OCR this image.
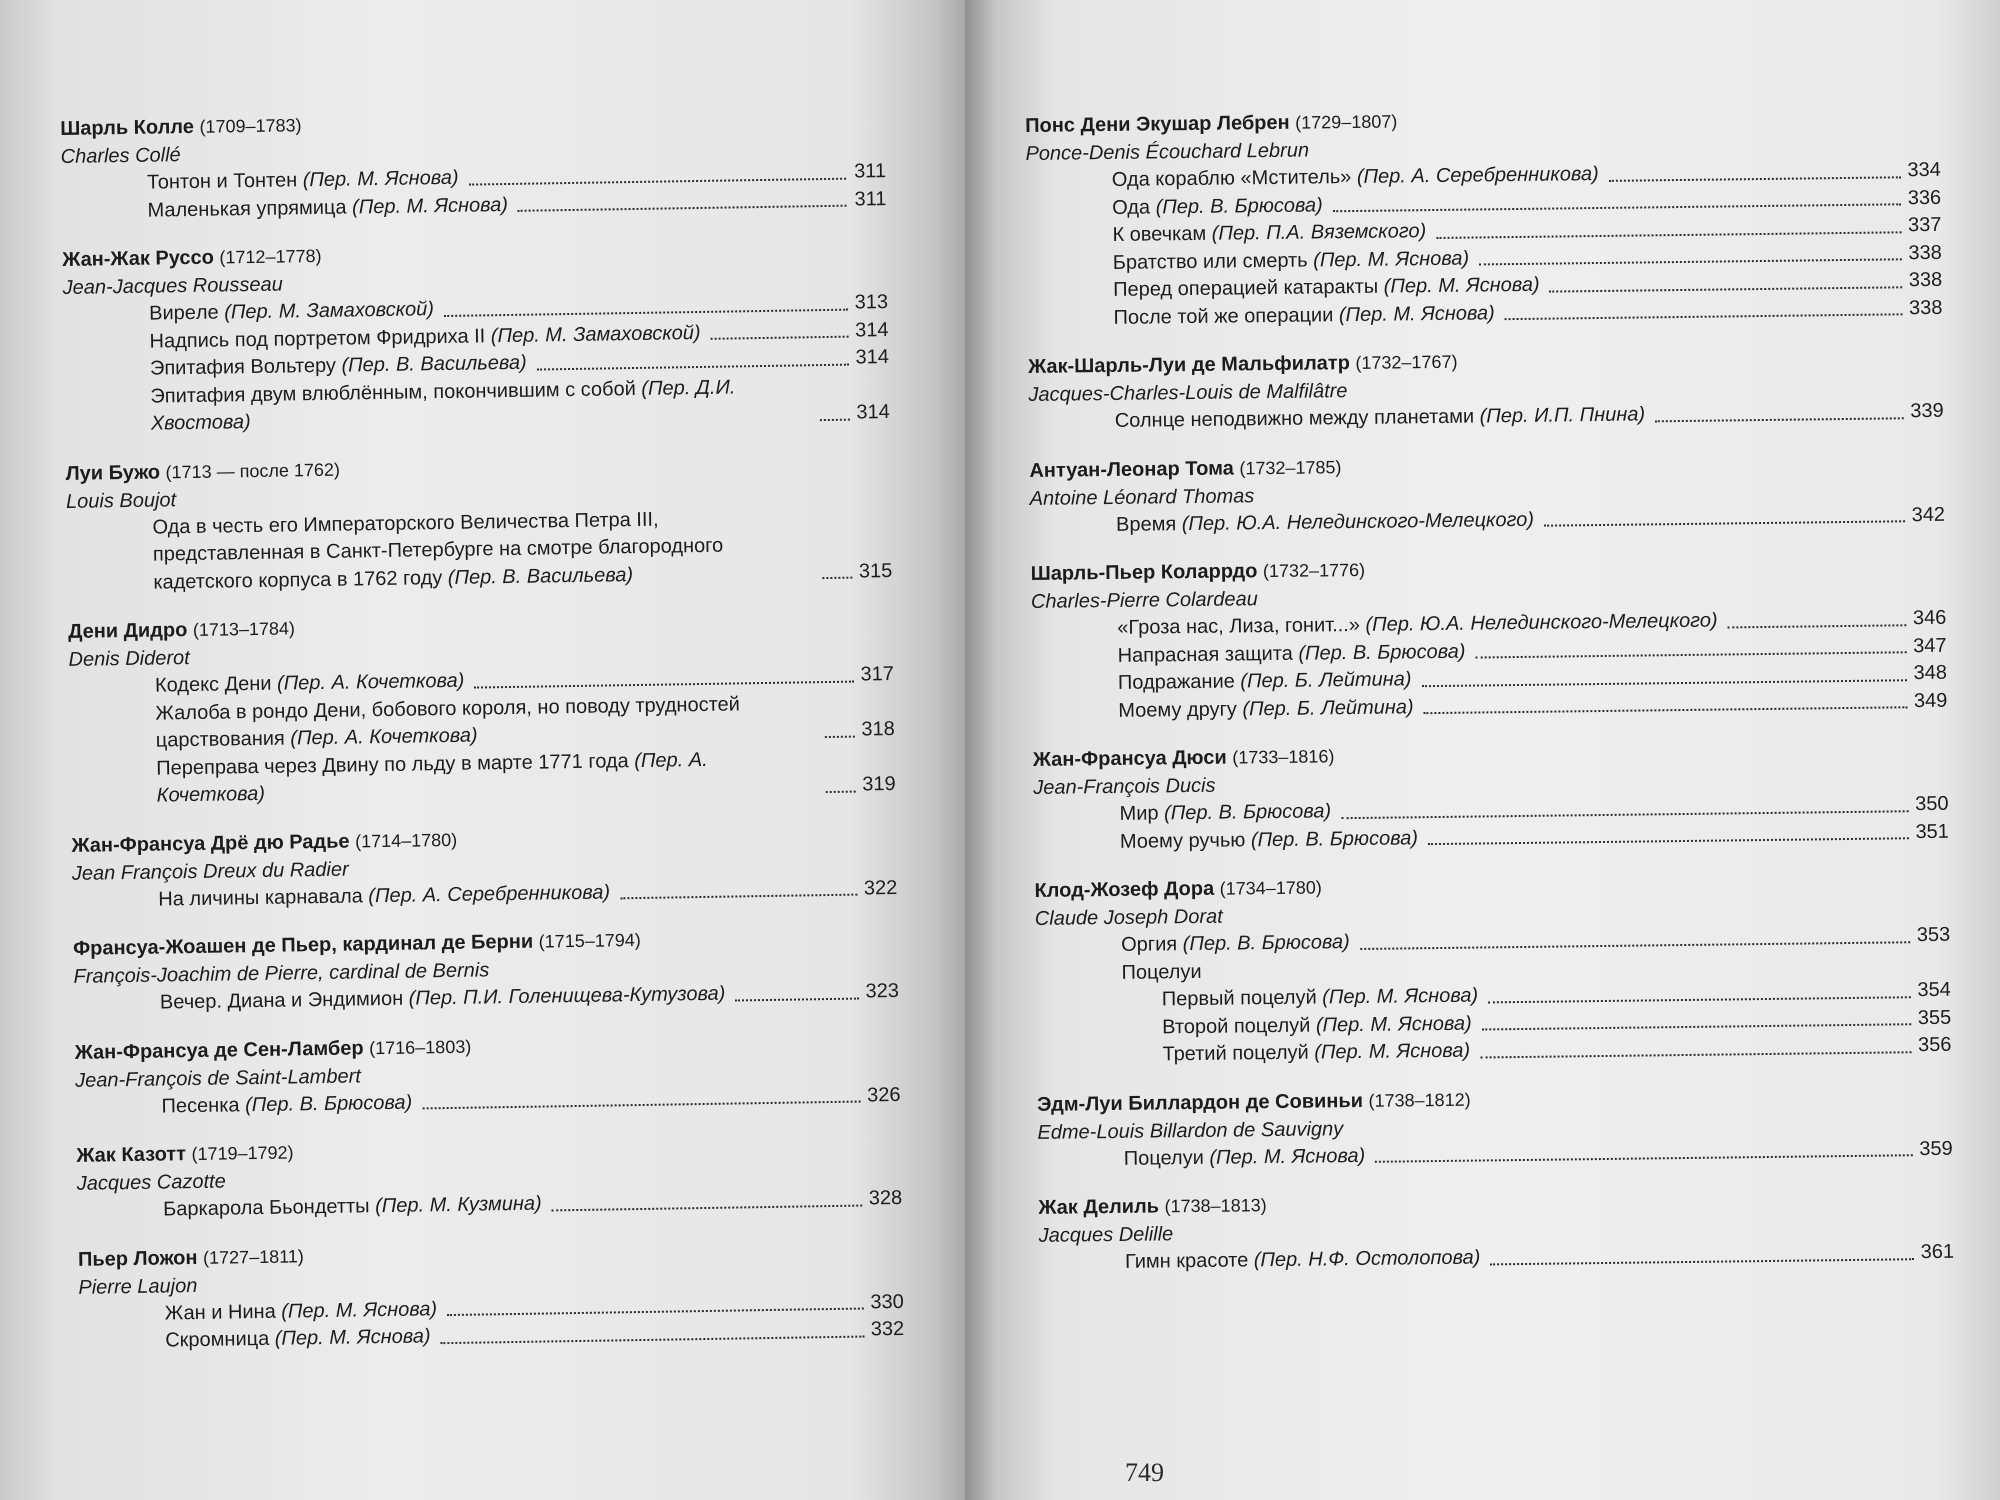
Шарль Колле (1709–1783)
Charles Collé
Тонтон и Тонтен (Пер. М. Яснова)	311
Маленькая упрямица (Пер. М. Яснова)	311
Жан-Жак Руссо (1712–1778)
Jean-Jacques Rousseau
Вирeле (Пер. М. Замаховской)	313
Надпись под портретом Фридриха II (Пер. М. Замаховской)	314
Эпитафия Вольтеру (Пер. В. Васильева)	314
Эпитафия двум влюблённым, покончившим с собой (Пер. Д.И. Хвостова)	314
Луи Бужо (1713 — после 1762)
Louis Boujot
Ода в честь его Императорского Величества Петра III, представленная в Санкт-Петербурге на смотре благородного кадетского корпуса в 1762 году (Пер. В. Васильева)	315
Дени Дидро (1713–1784)
Denis Diderot
Кодекс Дени (Пер. А. Кочеткова)	317
Жалоба в рондо Дени, бобового короля, но поводу трудностей царствования (Пер. А. Кочеткова)	318
Переправа через Двину по льду в марте 1771 года (Пер. А. Кочеткова)	319
Жан-Франсуа Дрё дю Радье (1714–1780)
Jean François Dreux du Radier
На личины карнавала (Пер. А. Серебренникова)	322
Франсуа-Жоашен де Пьер, кардинал де Берни (1715–1794)
François-Joachim de Pierre, cardinal de Bernis
Вечер. Диана и Эндимион (Пер. П.И. Голенищева-Кутузова)	323
Жан-Франсуа де Сен-Ламбер (1716–1803)
Jean-François de Saint-Lambert
Песенка (Пер. В. Брюсова)	326
Жак Казотт (1719–1792)
Jacques Cazotte
Баркарола Бьондетты (Пер. М. Кузмина)	328
Пьер Ложон (1727–1811)
Pierre Laujon
Жан и Нина (Пер. М. Яснова)	330
Скромница (Пер. М. Яснова)	332
Понс Дени Экушар Лебрен (1729–1807)
Ponce-Denis Écouchard Lebrun
Ода кораблю «Мститель» (Пер. А. Серебренникова)	334
Ода (Пер. В. Брюсова)	336
К овечкам (Пер. П.А. Вяземского)	337
Братство или смерть (Пер. М. Яснова)	338
Перед операцией катаракты (Пер. М. Яснова)	338
После той же операции (Пер. М. Яснова)	338
Жак-Шарль-Луи де Мальфилатр (1732–1767)
Jacques-Charles-Louis de Malfilâtre
Солнце неподвижно между планетами (Пер. И.П. Пнина)	339
Антуан-Леонар Тома (1732–1785)
Antoine Léonard Thomas
Время (Пер. Ю.А. Нелединского-Мелецкого)	342
Шарль-Пьер Коларрдо (1732–1776)
Charles-Pierre Colardeau
«Гроза нас, Лиза, гонит...» (Пер. Ю.А. Нелединского-Мелецкого)	346
Напрасная защита (Пер. В. Брюсова)	347
Подражание (Пер. Б. Лейтина)	348
Моему другу (Пер. Б. Лейтина)	349
Жан-Франсуа Дюси (1733–1816)
Jean-François Ducis
Мир (Пер. В. Брюсова)	350
Моему ручью (Пер. В. Брюсова)	351
Клод-Жозеф Дора (1734–1780)
Claude Joseph Dorat
Оргия (Пер. В. Брюсова)	353
Поцелуи
Первый поцелуй (Пер. М. Яснова)	354
Второй поцелуй (Пер. М. Яснова)	355
Третий поцелуй (Пер. М. Яснова)	356
Эдм-Луи Биллардон де Совиньи (1738–1812)
Edme-Louis Billardon de Sauvigny
Поцелуи (Пер. М. Яснова)	359
Жак Делиль (1738–1813)
Jacques Delille
Гимн красоте (Пер. Н.Ф. Остолопова)	361
749
